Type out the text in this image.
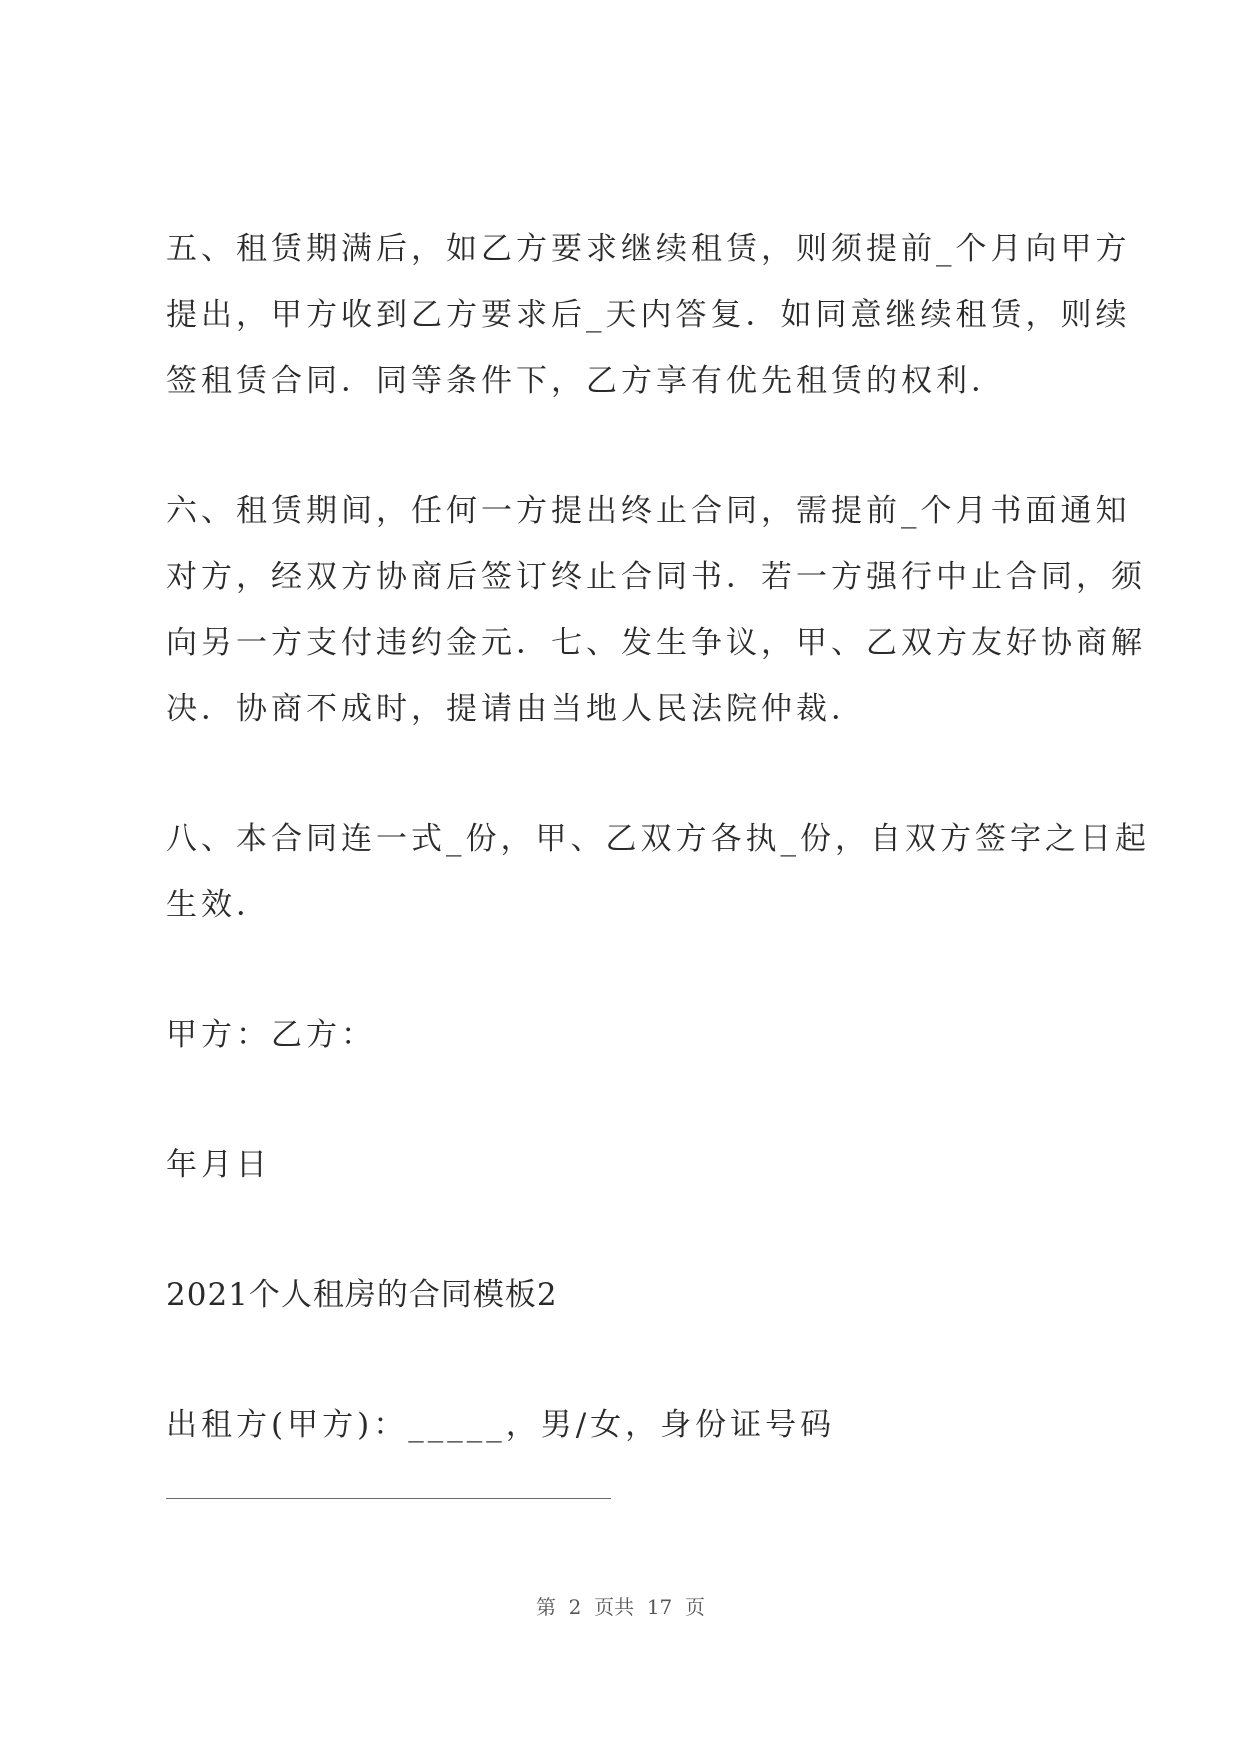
五、租赁期满后，如乙方要求继续租赁，则须提前_个月向甲方
提出，甲方收到乙方要求后_天内答复．如同意继续租赁，则续
签租赁合同．同等条件下，乙方享有优先租赁的权利．
六、租赁期间，任何一方提出终止合同，需提前_个月书面通知
对方，经双方协商后签订终止合同书．若一方强行中止合同，须
向另一方支付违约金元．七、发生争议，甲、乙双方友好协商解
决．协商不成时，提请由当地人民法院仲裁．
八、本合同连一式_份，甲、乙双方各执_份，自双方签字之日起
生效．
甲方：乙方：
年月日
2021个人租房的合同模板2
出租方(甲方)：_____，男/女，身份证号码
第  2  页共  17  页
